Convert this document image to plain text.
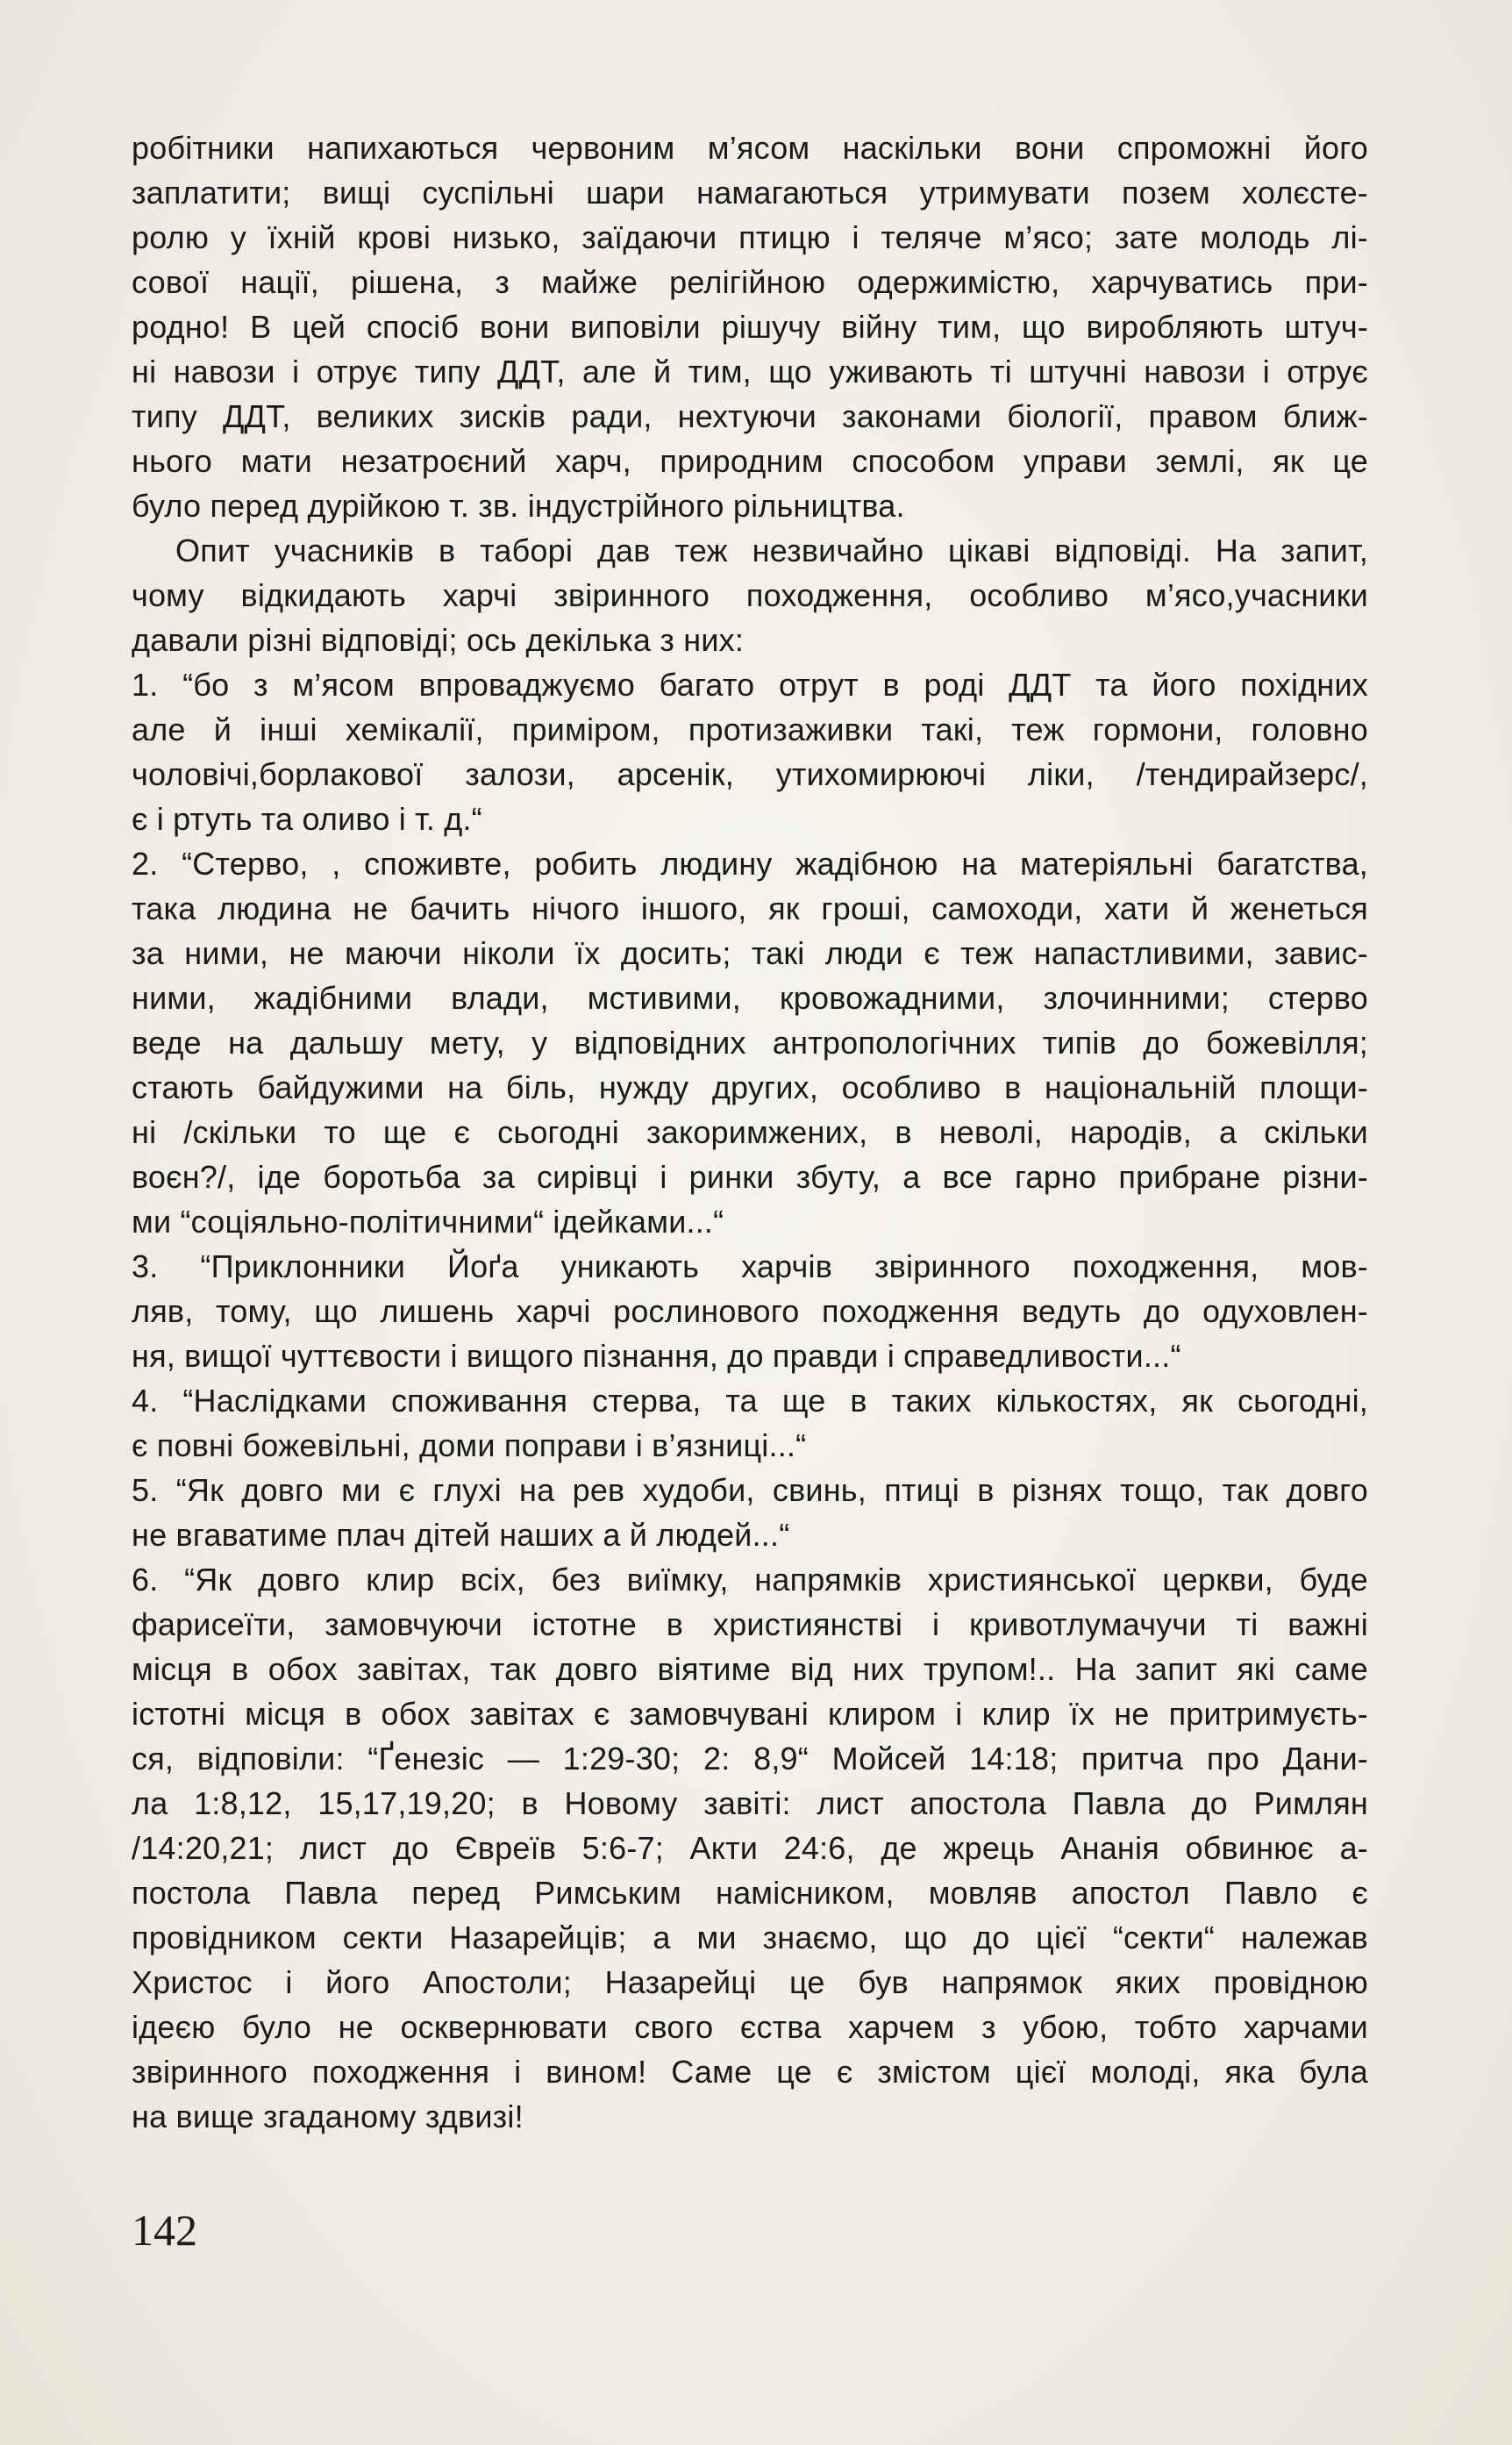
робітники напихаються червоним м’ясом наскільки вони спроможні його
заплатити; вищі суспільні шари намагаються утримувати позем холєсте-
ролю у їхній крові низько, заїдаючи птицю і теляче м’ясо; зате молодь лі-
сової нації, рішена, з майже релігійною одержимістю, харчуватись при-
родно! В цей спосіб вони виповіли рішучу війну тим, що виробляють штуч-
ні навози і отрує типу ДДТ, але й тим, що уживають ті штучні навози і отрує
типу ДДТ, великих зисків ради, нехтуючи законами біології, правом ближ-
нього мати незатроєний харч, природним способом управи землі, як це
було перед дурійкою т. зв. індустрійного рільництва.
Опит учасників в таборі дав теж незвичайно цікаві відповіді. На запит,
чому відкидають харчі звіринного походження, особливо м’ясо,учасники
давали різні відповіді; ось декілька з них:
1. “бо з м’ясом впроваджуємо багато отрут в роді ДДТ та його похідних
але й інші хемікалії, приміром, протизаживки такі, теж гормони, головно
чоловічі,борлакової залози, арсенік, утихомирюючі ліки, /тендирайзерс/,
є і ртуть та оливо і т. д.“
2. “Стерво, , споживте, робить людину жадібною на матеріяльні багатства,
така людина не бачить нічого іншого, як гроші, самоходи, хати й женеться
за ними, не маючи ніколи їх досить; такі люди є теж напастливими, завис-
ними, жадібними влади, мстивими, кровожадними, злочинними; стерво
веде на дальшу мету, у відповідних антропологічних типів до божевілля;
стають байдужими на біль, нужду других, особливо в національній площи-
ні /скільки то ще є сьогодні закоримжених, в неволі, народів, а скільки
воєн?/, іде боротьба за сирівці і ринки збуту, а все гарно прибране різни-
ми “соціяльно-політичними“ ідейками...“
3. “Приклонники Йоґа уникають харчів звіринного походження, мов-
ляв, тому, що лишень харчі рослинового походження ведуть до одуховлен-
ня, вищої чуттєвости і вищого пізнання, до правди і справедливости...“
4. “Наслідками споживання стерва, та ще в таких кількостях, як сьогодні,
є повні божевільні, доми поправи і в’язниці...“
5. “Як довго ми є глухі на рев худоби, свинь, птиці в різнях тощо, так довго
не вгаватиме плач дітей наших а й людей...“
6. “Як довго клир всіх, без виїмку, напрямків християнської церкви, буде
фарисеїти, замовчуючи істотне в християнстві і кривотлумачучи ті важні
місця в обох завітах, так довго віятиме від них трупом!.. На запит які саме
істотні місця в обох завітах є замовчувані клиром і клир їх не притримуєть-
ся, відповіли: “Ґенезіс — 1:29-30; 2: 8,9“ Мойсей 14:18; притча про Дани-
ла 1:8,12, 15,17,19,20; в Новому завіті: лист апостола Павла до Римлян
/14:20,21; лист до Євреїв 5:6-7; Акти 24:6, де жрець Ананія обвинює а-
постола Павла перед Римським намісником, мовляв апостол Павло є
провідником секти Назарейців; а ми знаємо, що до цієї “секти“ належав
Христос і його Апостоли; Назарейці це був напрямок яких провідною
ідеєю було не осквернювати свого єства харчем з убою, тобто харчами
звіринного походження і вином! Саме це є змістом цієї молоді, яка була
на вище згаданому здвизі!
142
